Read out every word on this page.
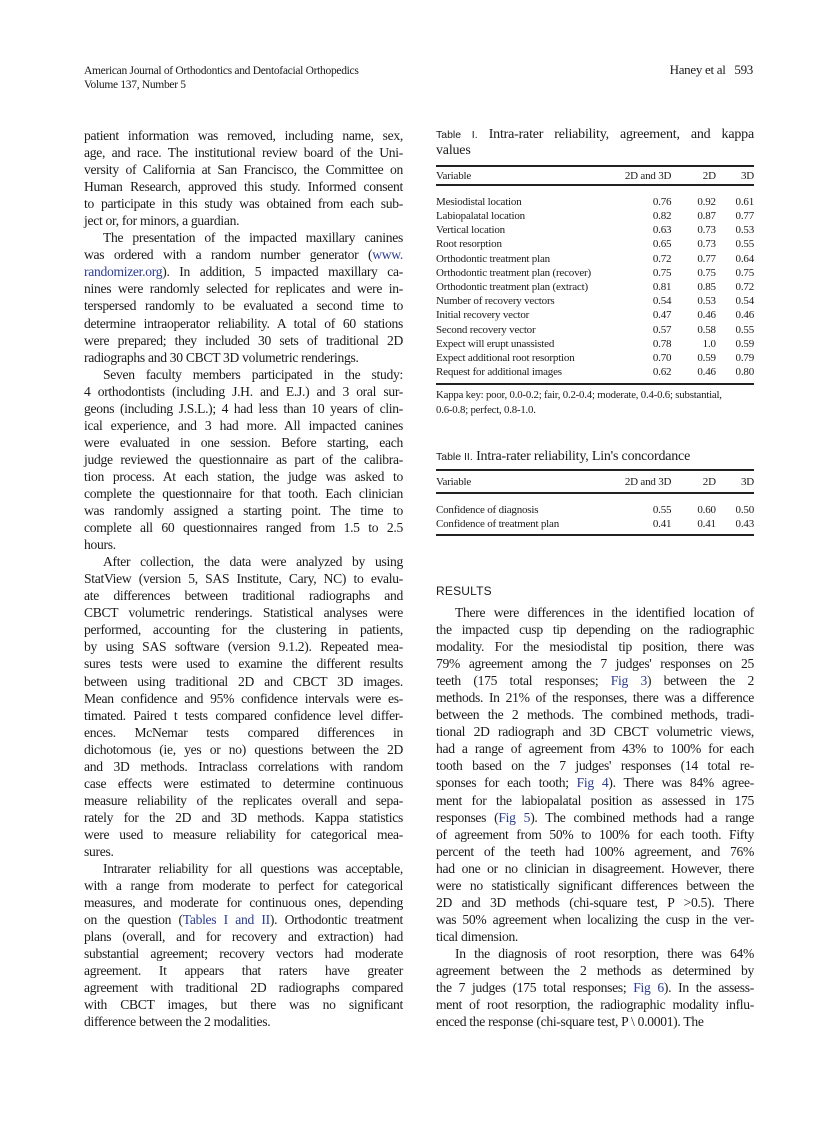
American Journal of Orthodontics and Dentofacial Orthopedics
Volume 137, Number 5
Haney et al 593
patient information was removed, including name, sex,
age, and race. The institutional review board of the Uni-
versity of California at San Francisco, the Committee on
Human Research, approved this study. Informed consent
to participate in this study was obtained from each sub-
ject or, for minors, a guardian.
The presentation of the impacted maxillary canines
was ordered with a random number generator (www.
randomizer.org). In addition, 5 impacted maxillary ca-
nines were randomly selected for replicates and were in-
terspersed randomly to be evaluated a second time to
determine intraoperator reliability. A total of 60 stations
were prepared; they included 30 sets of traditional 2D
radiographs and 30 CBCT 3D volumetric renderings.
Seven faculty members participated in the study:
4 orthodontists (including J.H. and E.J.) and 3 oral sur-
geons (including J.S.L.); 4 had less than 10 years of clin-
ical experience, and 3 had more. All impacted canines
were evaluated in one session. Before starting, each
judge reviewed the questionnaire as part of the calibra-
tion process. At each station, the judge was asked to
complete the questionnaire for that tooth. Each clinician
was randomly assigned a starting point. The time to
complete all 60 questionnaires ranged from 1.5 to 2.5
hours.
After collection, the data were analyzed by using
StatView (version 5, SAS Institute, Cary, NC) to evalu-
ate differences between traditional radiographs and
CBCT volumetric renderings. Statistical analyses were
performed, accounting for the clustering in patients,
by using SAS software (version 9.1.2). Repeated mea-
sures tests were used to examine the different results
between using traditional 2D and CBCT 3D images.
Mean confidence and 95% confidence intervals were es-
timated. Paired t tests compared confidence level differ-
ences. McNemar tests compared differences in
dichotomous (ie, yes or no) questions between the 2D
and 3D methods. Intraclass correlations with random
case effects were estimated to determine continuous
measure reliability of the replicates overall and sepa-
rately for the 2D and 3D methods. Kappa statistics
were used to measure reliability for categorical mea-
sures.
Intrarater reliability for all questions was acceptable,
with a range from moderate to perfect for categorical
measures, and moderate for continuous ones, depending
on the question (Tables I and II). Orthodontic treatment
plans (overall, and for recovery and extraction) had
substantial agreement; recovery vectors had moderate
agreement. It appears that raters have greater
agreement with traditional 2D radiographs compared
with CBCT images, but there was no significant
difference between the 2 modalities.
Table I. Intra-rater reliability, agreement, and kappa
values
Variable	2D and 3D	2D	3D
Mesiodistal location	0.76	0.92	0.61
Labiopalatal location	0.82	0.87	0.77
Vertical location	0.63	0.73	0.53
Root resorption	0.65	0.73	0.55
Orthodontic treatment plan	0.72	0.77	0.64
Orthodontic treatment plan (recover)	0.75	0.75	0.75
Orthodontic treatment plan (extract)	0.81	0.85	0.72
Number of recovery vectors	0.54	0.53	0.54
Initial recovery vector	0.47	0.46	0.46
Second recovery vector	0.57	0.58	0.55
Expect will erupt unassisted	0.78	1.0	0.59
Expect additional root resorption	0.70	0.59	0.79
Request for additional images	0.62	0.46	0.80
Kappa key: poor, 0.0-0.2; fair, 0.2-0.4; moderate, 0.4-0.6; substantial,
0.6-0.8; perfect, 0.8-1.0.
Table II. Intra-rater reliability, Lin's concordance
Variable	2D and 3D	2D	3D
Confidence of diagnosis	0.55	0.60	0.50
Confidence of treatment plan	0.41	0.41	0.43
RESULTS
There were differences in the identified location of
the impacted cusp tip depending on the radiographic
modality. For the mesiodistal tip position, there was
79% agreement among the 7 judges' responses on 25
teeth (175 total responses; Fig 3) between the 2
methods. In 21% of the responses, there was a difference
between the 2 methods. The combined methods, tradi-
tional 2D radiograph and 3D CBCT volumetric views,
had a range of agreement from 43% to 100% for each
tooth based on the 7 judges' responses (14 total re-
sponses for each tooth; Fig 4). There was 84% agree-
ment for the labiopalatal position as assessed in 175
responses (Fig 5). The combined methods had a range
of agreement from 50% to 100% for each tooth. Fifty
percent of the teeth had 100% agreement, and 76%
had one or no clinician in disagreement. However, there
were no statistically significant differences between the
2D and 3D methods (chi-square test, P >0.5). There
was 50% agreement when localizing the cusp in the ver-
tical dimension.
In the diagnosis of root resorption, there was 64%
agreement between the 2 methods as determined by
the 7 judges (175 total responses; Fig 6). In the assess-
ment of root resorption, the radiographic modality influ-
enced the response (chi-square test, P \ 0.0001). The
